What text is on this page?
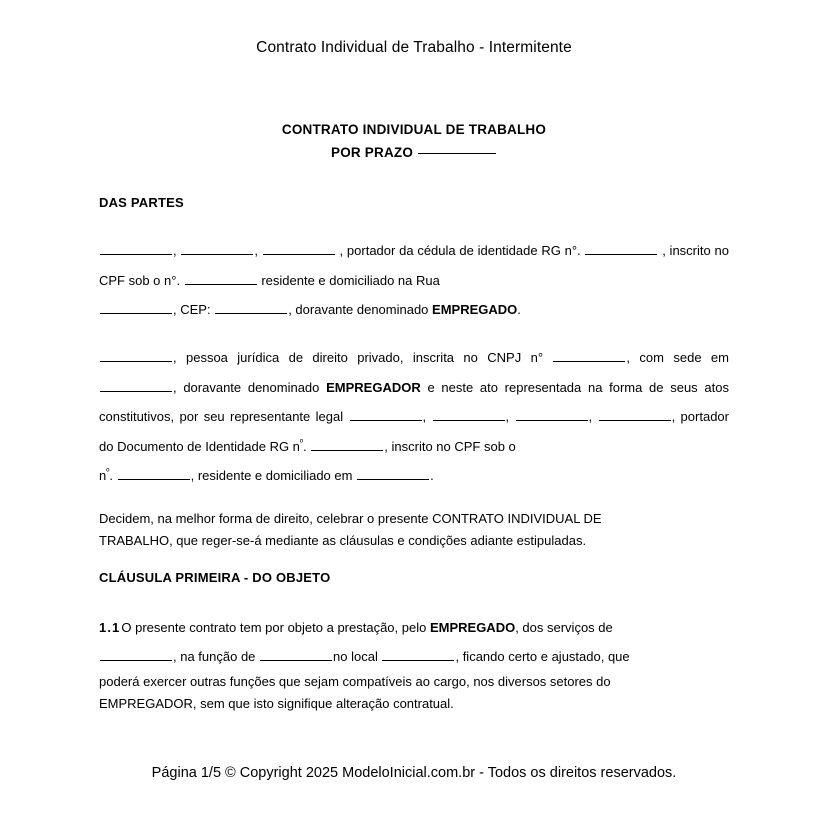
Contrato Individual de Trabalho - Intermitente
CONTRATO INDIVIDUAL DE TRABALHO
POR PRAZO
DAS PARTES

,	,	, portador da cédula de identidade RG n°.	, inscrito no CPF sob o n°.	residente e domiciliado na Rua
, CEP:	, doravante denominado EMPREGADO.

, pessoa jurídica de direito privado, inscrita no CNPJ n°	, com sede em , doravante denominado EMPREGADOR e neste ato representada na forma de seus atos constitutivos, por seu representante legal	,	,	,	, portador do Documento de Identidade RG $n^º$.	, inscrito no CPF sob o
$n^º$.	, residente e domiciliado em	.

Decidem, na melhor forma de direito, celebrar o presente CONTRATO INDIVIDUAL DE
TRABALHO, que reger-se-á mediante as cláusulas e condições adiante estipuladas.

CLÁUSULA PRIMEIRA - DO OBJETO

1.1O presente contrato tem por objeto a prestação, pelo EMPREGADO, dos serviços de
, na função de	no local	, ficando certo e ajustado, que

poderá exercer outras funções que sejam compatíveis ao cargo, nos diversos setores do
EMPREGADOR, sem que isto signifique alteração contratual.

Página 1/5 © Copyright 2025 ModeloInicial.com.br - Todos os direitos reservados.
